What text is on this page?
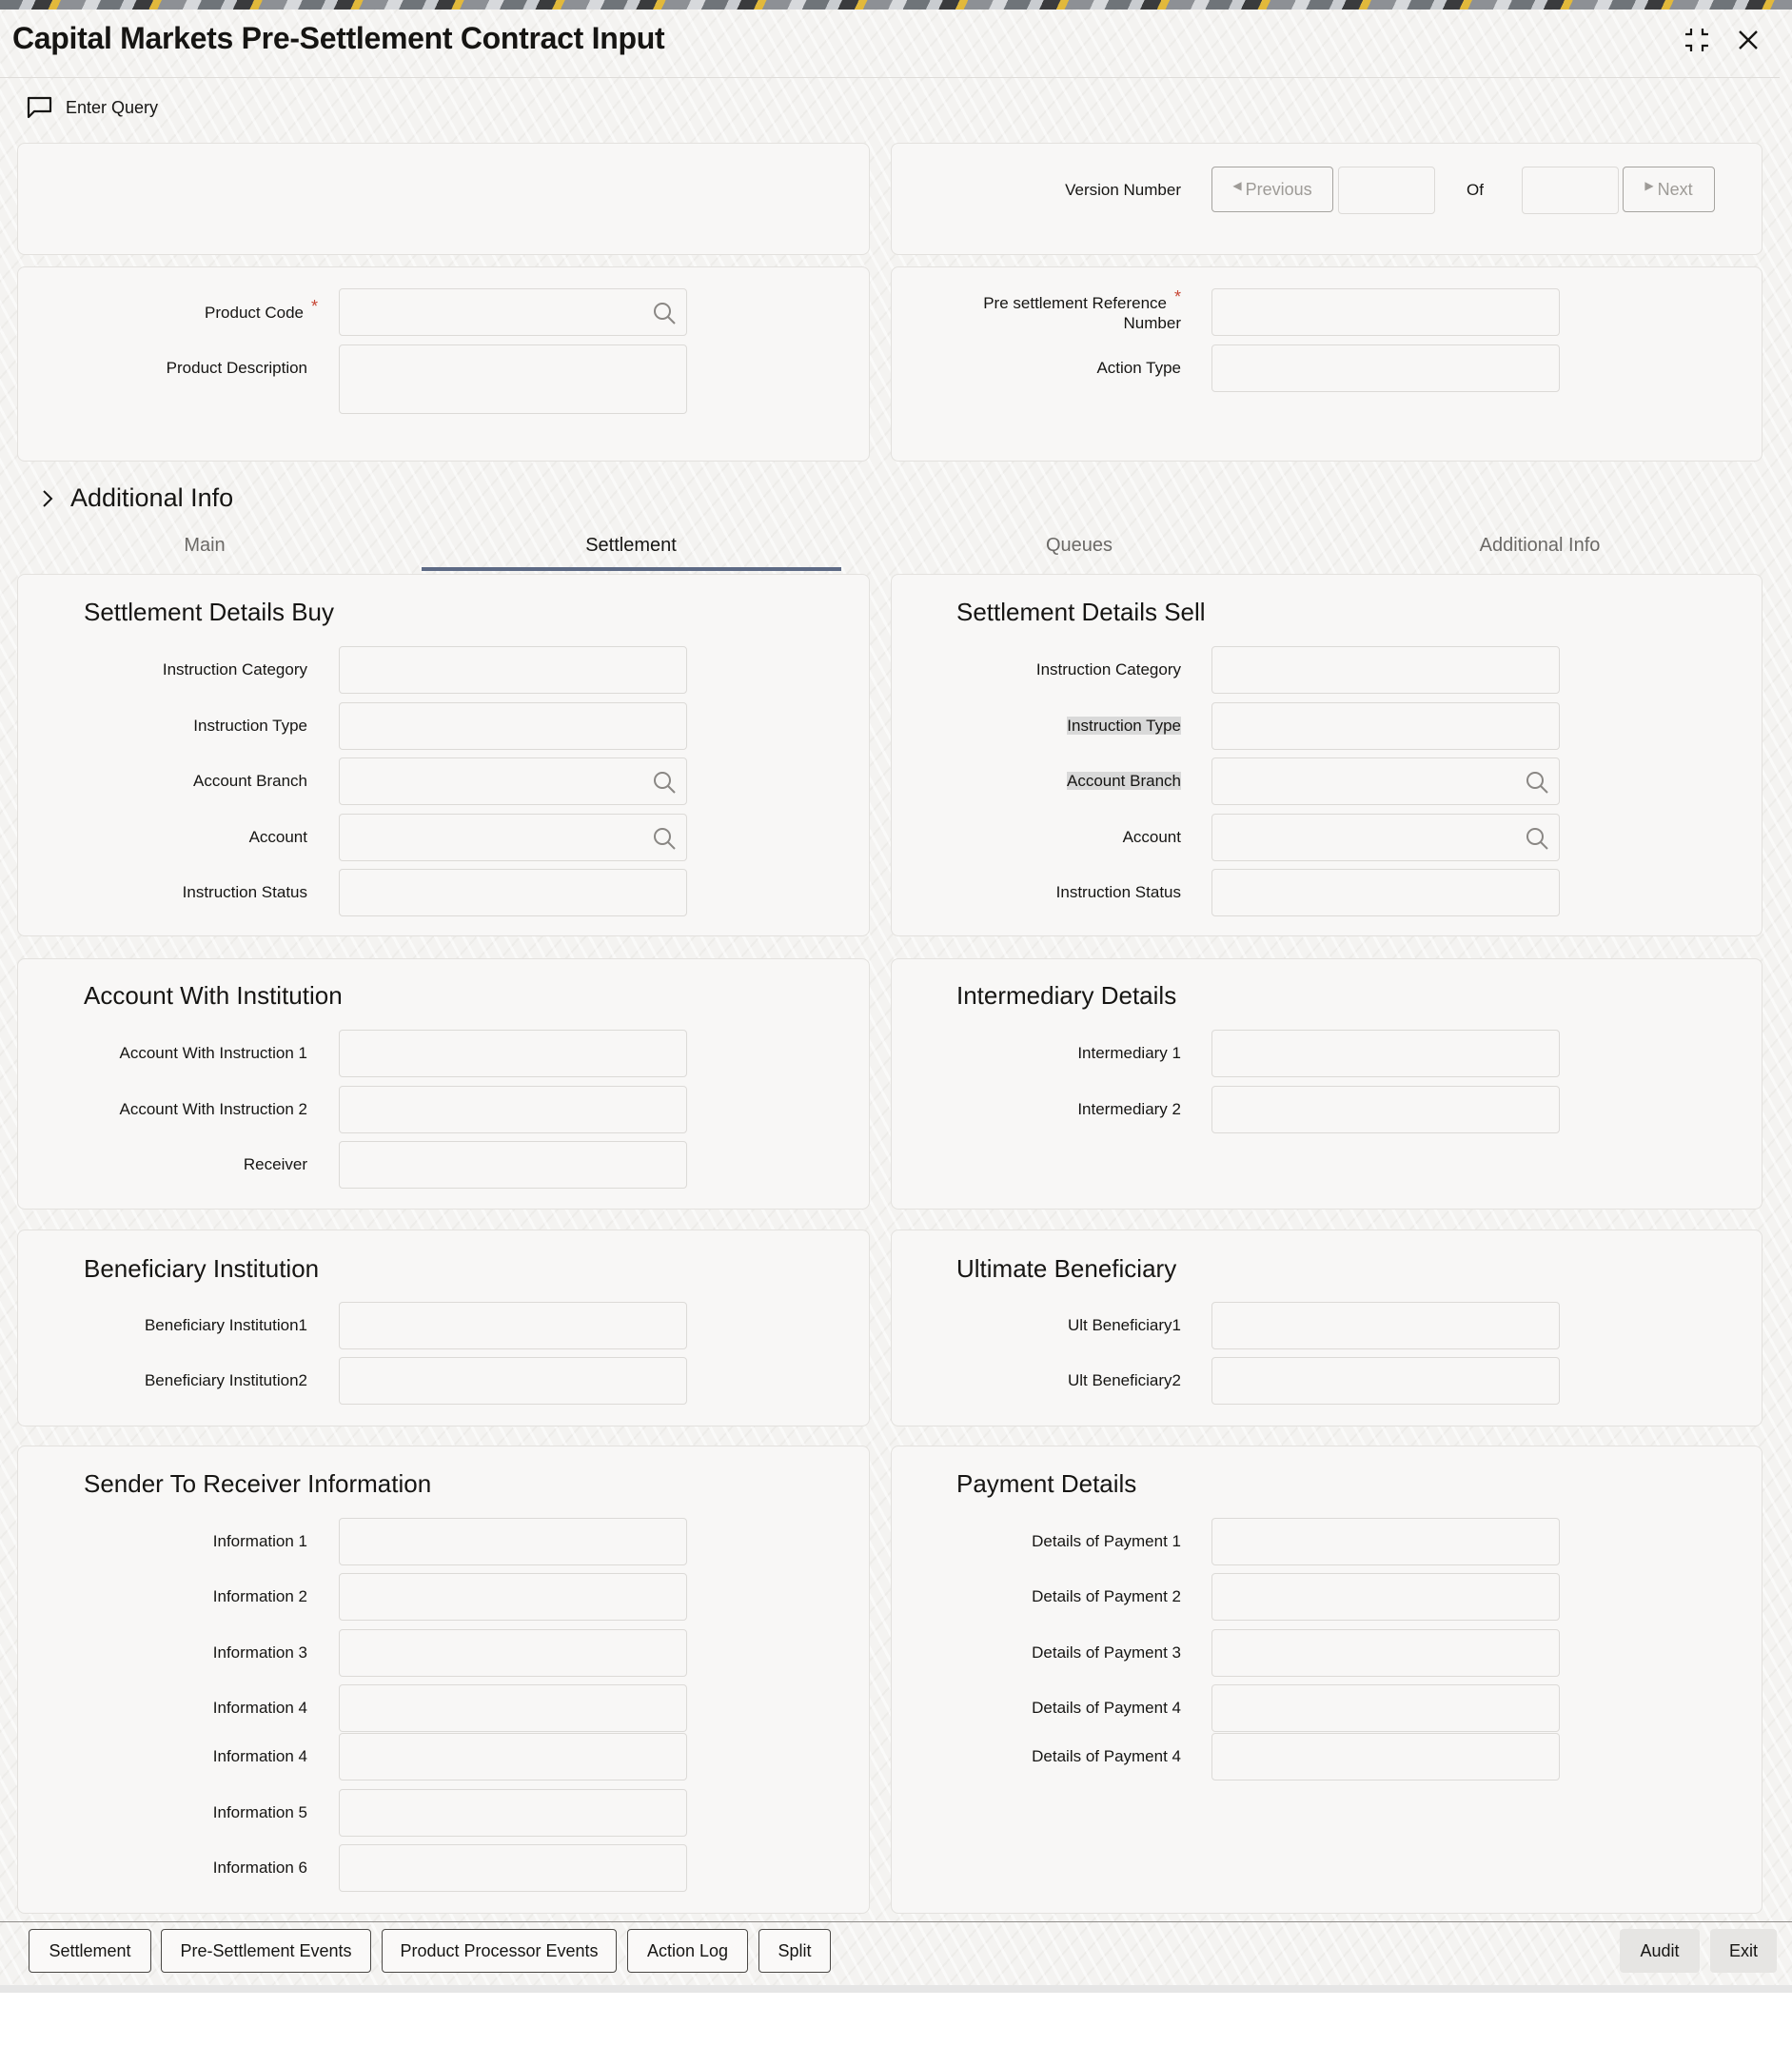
Capital Markets Pre-Settlement Contract Input
Enter Query
Version Number	◀ Previous	Of	▶ Next
Product Code *
Product Description
Pre settlement Reference *
Number
Action Type
Additional Info
Main	Settlement	Queues	Additional Info
Settlement Details Buy
Instruction Category
Instruction Type
Account Branch
Account
Instruction Status
Settlement Details Sell
Instruction Category
Instruction Type
Account Branch
Account
Instruction Status
Account With Institution
Account With Instruction 1
Account With Instruction 2
Receiver
Intermediary Details
Intermediary 1
Intermediary 2
Beneficiary Institution
Beneficiary Institution1
Beneficiary Institution2
Ultimate Beneficiary
Ult Beneficiary1
Ult Beneficiary2
Sender To Receiver Information
Information 1
Information 2
Information 3
Information 4
Information 4
Information 5
Information 6
Payment Details
Details of Payment 1
Details of Payment 2
Details of Payment 3
Details of Payment 4
Details of Payment 4
Settlement	Pre-Settlement Events	Product Processor Events	Action Log	Split	Audit	Exit
